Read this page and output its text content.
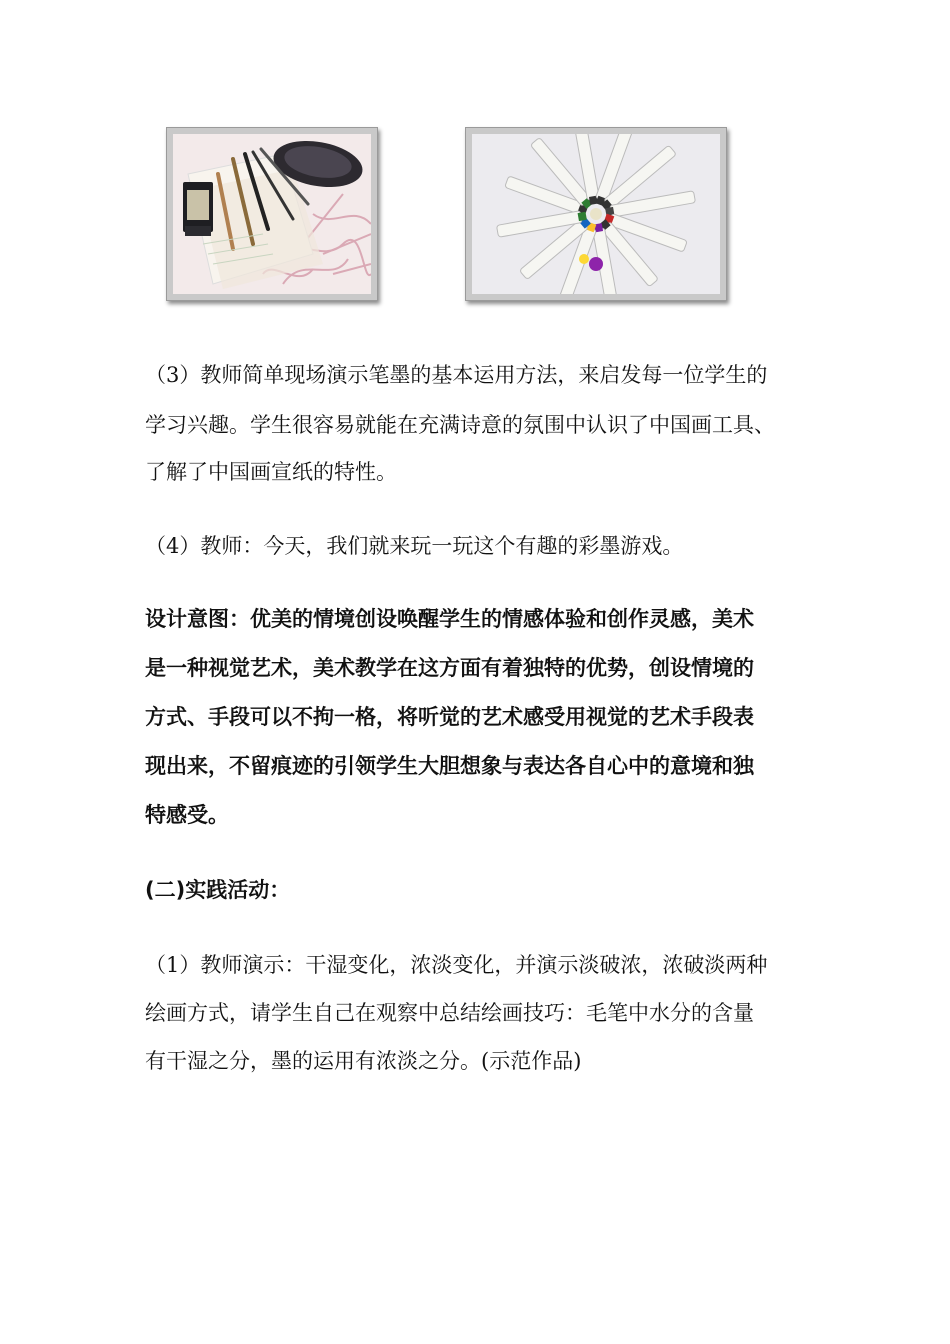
（3）教师简单现场演示笔墨的基本运用方法，来启发每一位学生的

学习兴趣。学生很容易就能在充满诗意的氛围中认识了中国画工具、

了解了中国画宣纸的特性。

（4）教师：今天，我们就来玩一玩这个有趣的彩墨游戏。

设计意图：优美的情境创设唤醒学生的情感体验和创作灵感，美术

是一种视觉艺术，美术教学在这方面有着独特的优势，创设情境的

方式、手段可以不拘一格，将听觉的艺术感受用视觉的艺术手段表

现出来，不留痕迹的引领学生大胆想象与表达各自心中的意境和独

特感受。

(二)实践活动：

（1）教师演示：干湿变化，浓淡变化，并演示淡破浓，浓破淡两种

绘画方式，请学生自己在观察中总结绘画技巧：毛笔中水分的含量

有干湿之分，墨的运用有浓淡之分。(示范作品)
